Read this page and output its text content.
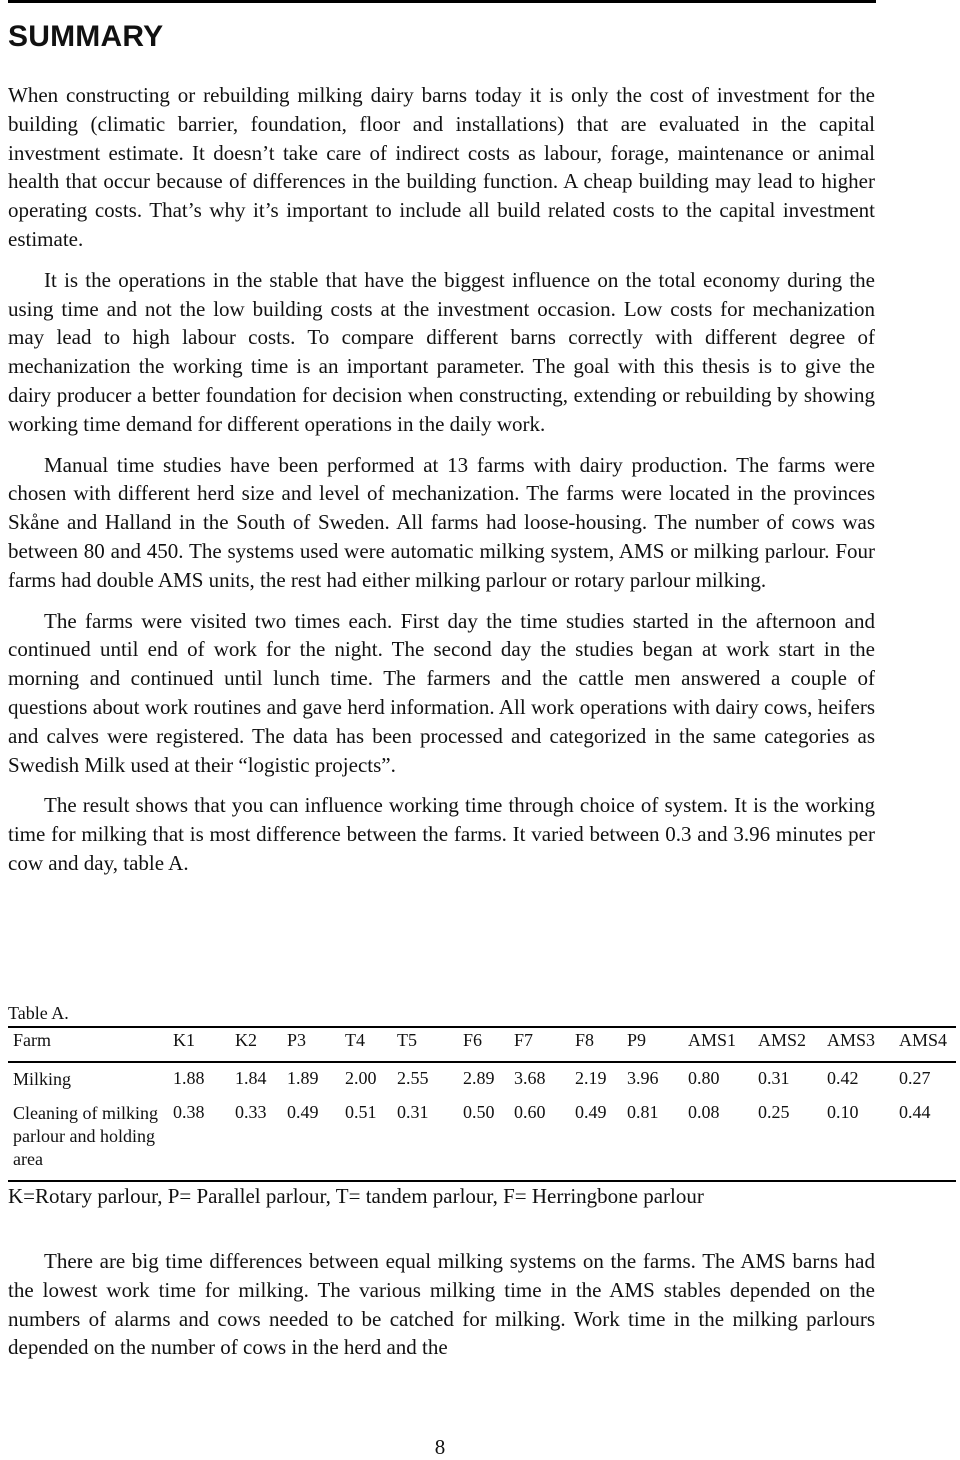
SUMMARY

When constructing or rebuilding milking dairy barns today it is only the cost of investment for the building (climatic barrier, foundation, floor and installations) that are evaluated in the capital investment estimate. It doesn’t take care of indirect costs as labour, forage, maintenance or animal health that occur because of differences in the building function. A cheap building may lead to higher operating costs. That’s why it’s important to include all build related costs to the capital investment estimate.

It is the operations in the stable that have the biggest influence on the total economy during the using time and not the low building costs at the investment occasion. Low costs for mechanization may lead to high labour costs. To compare different barns correctly with different degree of mechanization the working time is an important parameter. The goal with this thesis is to give the dairy producer a better foundation for decision when constructing, extending or rebuilding by showing working time demand for different operations in the daily work.

Manual time studies have been performed at 13 farms with dairy production. The farms were chosen with different herd size and level of mechanization. The farms were located in the provinces Skåne and Halland in the South of Sweden. All farms had loose-housing. The number of cows was between 80 and 450. The systems used were automatic milking system, AMS or milking parlour. Four farms had double AMS units, the rest had either milking parlour or rotary parlour milking.

The farms were visited two times each. First day the time studies started in the afternoon and continued until end of work for the night. The second day the studies began at work start in the morning and continued until lunch time. The farmers and the cattle men answered a couple of questions about work routines and gave herd information. All work operations with dairy cows, heifers and calves were registered. The data has been processed and categorized in the same categories as Swedish Milk used at their “logistic projects”.

The result shows that you can influence working time through choice of system. It is the working time for milking that is most difference between the farms. It varied between 0.3 and 3.96 minutes per cow and day, table A.

Table A.
Farm	K1	K2	P3	T4	T5	F6	F7	F8	P9	AMS1	AMS2	AMS3	AMS4
Milking	1.88	1.84	1.89	2.00	2.55	2.89	3.68	2.19	3.96	0.80	0.31	0.42	0.27
Cleaning of milking parlour and holding area	0.38	0.33	0.49	0.51	0.31	0.50	0.60	0.49	0.81	0.08	0.25	0.10	0.44
K=Rotary parlour, P= Parallel parlour, T= tandem parlour, F= Herringbone parlour

There are big time differences between equal milking systems on the farms. The AMS barns had the lowest work time for milking. The various milking time in the AMS stables depended on the numbers of alarms and cows needed to be catched for milking. Work time in the milking parlours depended on the number of cows in the herd and the

8
